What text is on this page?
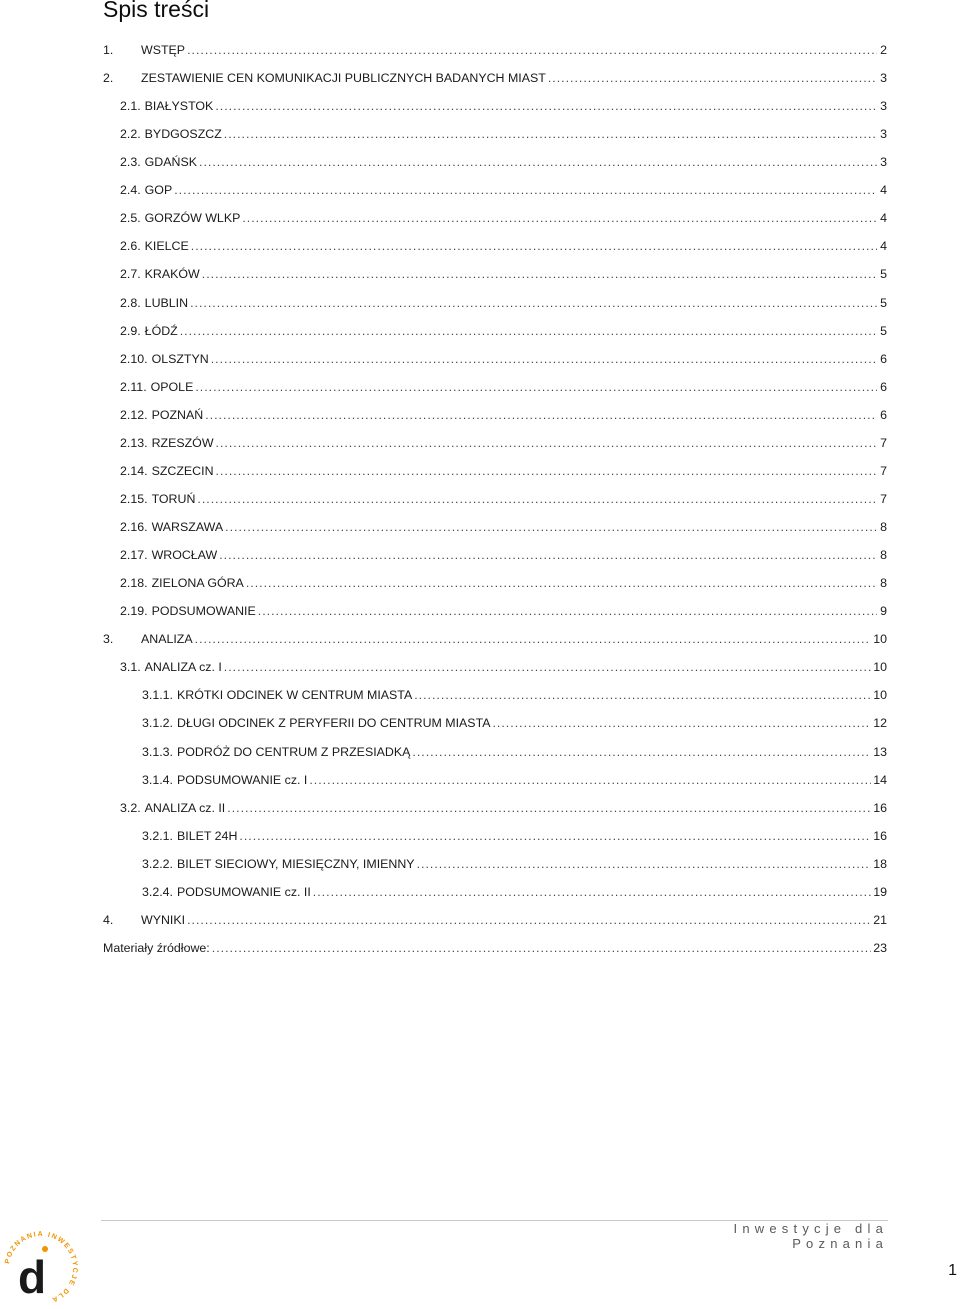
Spis treści
1.	WSTĘP .....	2
2.	ZESTAWIENIE CEN KOMUNIKACJI PUBLICZNYCH BADANYCH MIAST .....	3
2.1. BIAŁYSTOK .....	3
2.2. BYDGOSZCZ .....	3
2.3. GDAŃSK .....	3
2.4. GOP .....	4
2.5. GORZÓW WLKP .....	4
2.6. KIELCE .....	4
2.7. KRAKÓW .....	5
2.8. LUBLIN .....	5
2.9. ŁÓDŹ .....	5
2.10. OLSZTYN .....	6
2.11. OPOLE .....	6
2.12. POZNAŃ .....	6
2.13. RZESZÓW .....	7
2.14. SZCZECIN .....	7
2.15. TORUŃ .....	7
2.16. WARSZAWA .....	8
2.17. WROCŁAW .....	8
2.18. ZIELONA GÓRA .....	8
2.19. PODSUMOWANIE .....	9
3.	ANALIZA .....	10
3.1. ANALIZA cz. I .....	10
3.1.1. KRÓTKI ODCINEK W CENTRUM MIASTA .....	10
3.1.2. DŁUGI ODCINEK Z PERYFERII DO CENTRUM MIASTA .....	12
3.1.3. PODRÓŻ DO CENTRUM Z PRZESIADKĄ .....	13
3.1.4. PODSUMOWANIE cz. I .....	14
3.2. ANALIZA cz. II .....	16
3.2.1. BILET 24H .....	16
3.2.2. BILET SIECIOWY, MIESIĘCZNY, IMIENNY .....	18
3.2.4. PODSUMOWANIE cz. II .....	19
4.	WYNIKI .....	21
Materiały źródłowe: .....	23
Inwestycje dla Poznania
1
POZNANIA INWESTYCJE DLA
d
